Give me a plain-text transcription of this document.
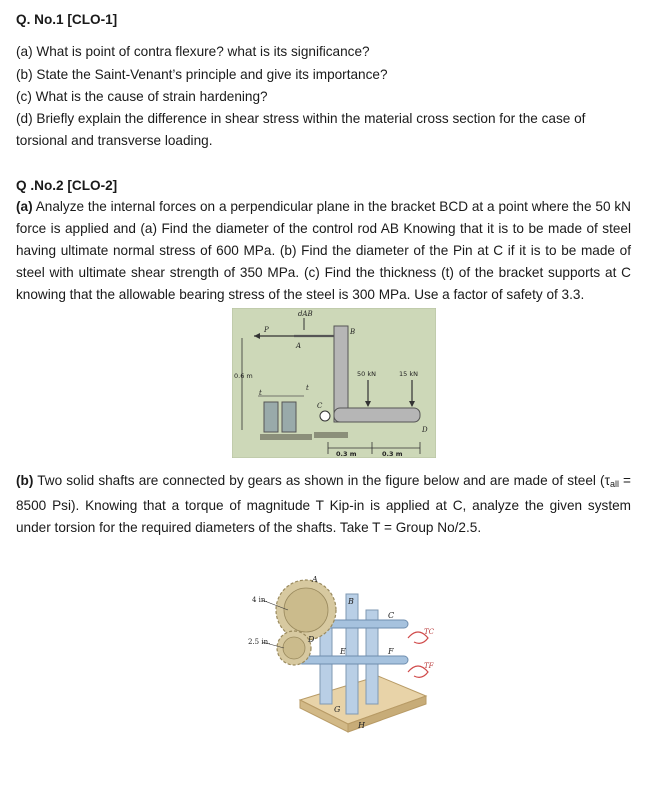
Q. No.1 [CLO-1]
(a) What is point of contra flexure? what is its significance?
(b) State the Saint-Venant’s principle and give its importance?
(c) What is the cause of strain hardening?
(d) Briefly explain the difference in shear stress within the material cross section for the case of
torsional and transverse loading.
Q .No.2 [CLO-2]
(a) Analyze the internal forces on a perpendicular plane in the bracket BCD at a point where the 50 kN force is applied and (a) Find the diameter of the control rod AB Knowing that it is to be made of steel having ultimate normal stress of 600 MPa. (b) Find the diameter of the Pin at C if it is to be made of steel with ultimate shear strength of 350 MPa. (c) Find the thickness (t) of the bracket supports at C knowing that the allowable bearing stress of the steel is 300 MPa. Use a factor of safety of 3.3.
P
dAB
A
B
C
D
t
t
50 kN	15 kN
0.6 m
0.3 m	0.3 m
(b) Two solid shafts are connected by gears as shown in the figure below and are made of steel ($\tau_{all} = 8500$ Psi). Knowing that a torque of magnitude T Kip-in is applied at C, analyze the given system under torsion for the required diameters of the shafts. Take T = Group No/2.5.
4 in.
2.5 in.
A
B
C
D
E	F
G
H
TC
TF
